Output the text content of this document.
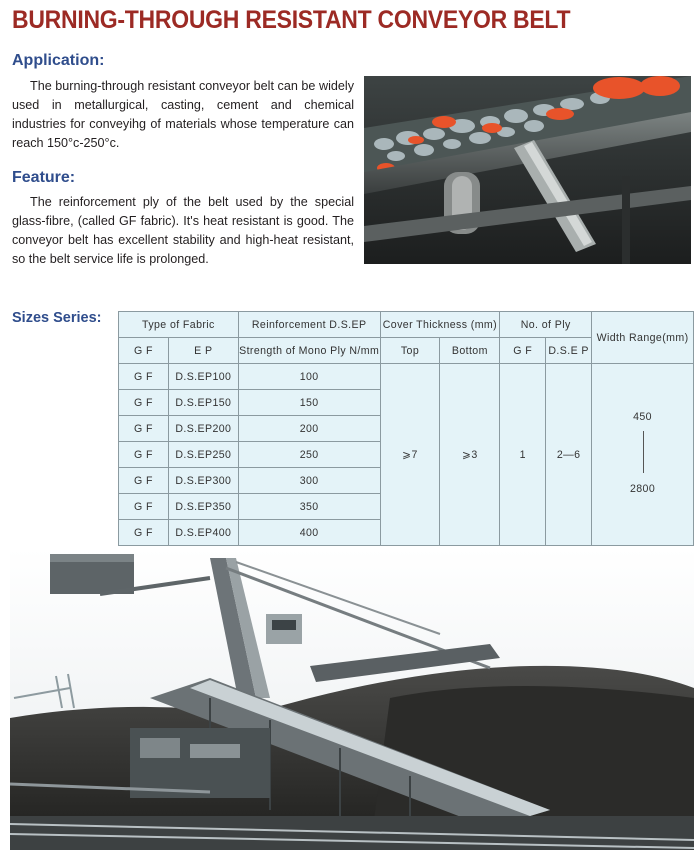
BURNING-THROUGH RESISTANT CONVEYOR BELT
Application:

The burning-through resistant conveyor belt can be widely used in metallurgical, casting, cement and chemical industries for conveyihg of materials whose temperature can reach 150°c-250°c.

Feature:

The reinforcement ply of the belt used by the special glass-fibre, (called GF fabric). It's heat resistant is good. The conveyor belt has excellent stability and high-heat resistant, so the belt service life is prolonged.

Sizes Series:	Type of Fabric		Reinforcement D.S.EP	Cover Thickness (mm)		No. of Ply		Width Range(mm)
G F	E P	Strength of Mono Ply N/mm	Top	Bottom	G F	D.S.E P	
G F	D.S.EP100	100	⩾7	⩾3	1	2—6	450
2800

G F	D.S.EP150	150					
G F	D.S.EP200	200					
G F	D.S.EP250	250					
G F	D.S.EP300	300					
G F	D.S.EP350	350					
G F	D.S.EP400	400					
